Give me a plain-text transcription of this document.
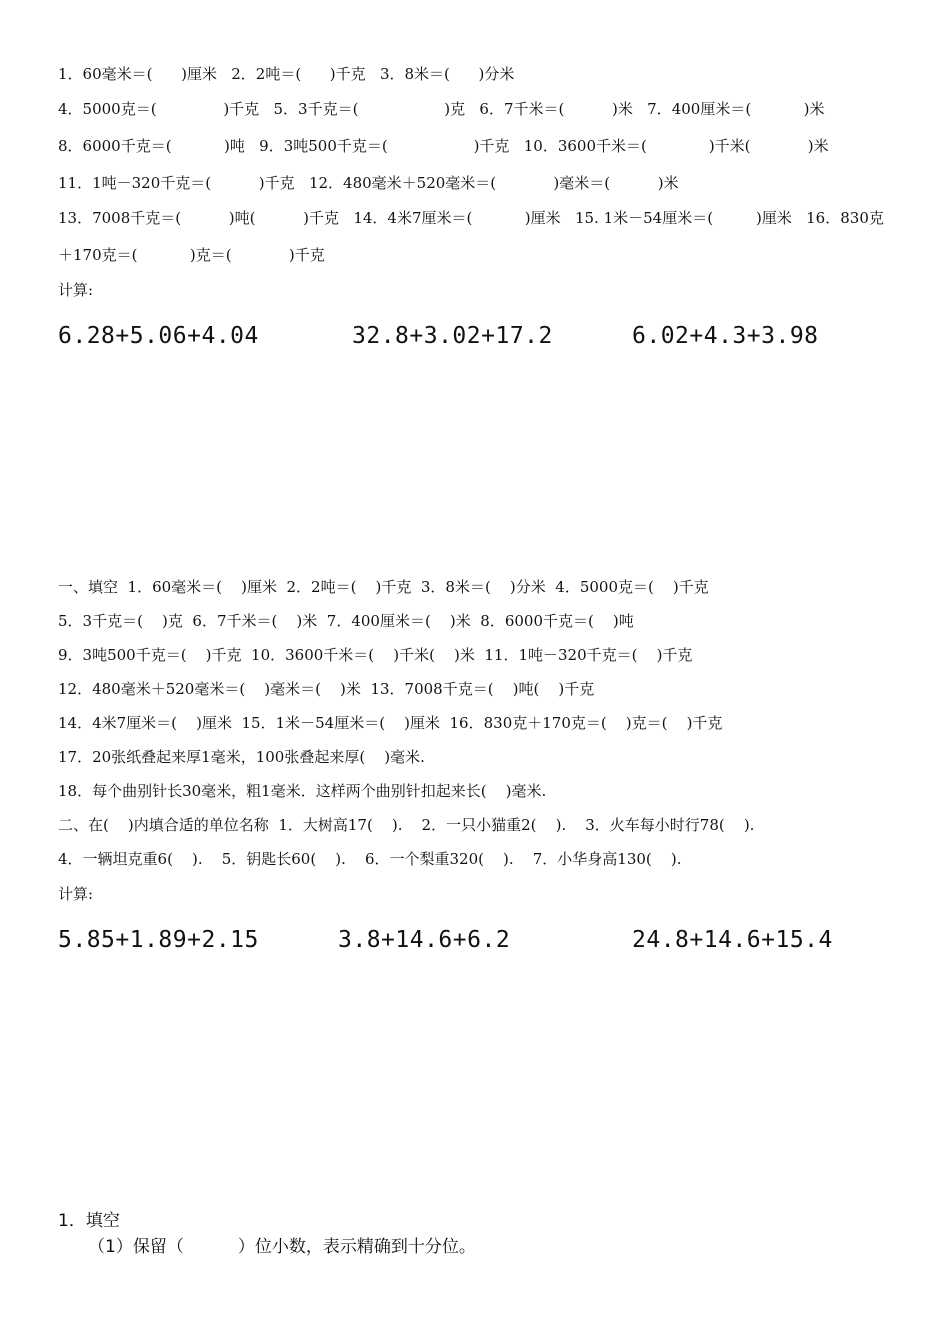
1．60毫米＝(      )厘米   2．2吨＝(      )千克   3．8米＝(      )分米
4．5000克＝(              )千克   5．3千克＝(                  )克   6．7千米＝(          )米   7．400厘米＝(           )米
8．6000千克＝(           )吨   9．3吨500千克＝(                  )千克   10．3600千米＝(             )千米(            )米
11．1吨－320千克＝(          )千克   12．480毫米＋520毫米＝(            )毫米＝(          )米
13．7008千克＝(          )吨(          )千克   14．4米7厘米＝(           )厘米   15. 1米－54厘米＝(         )厘米   16．830克
＋170克＝(           )克＝(            )千克
计算:
6.28+5.06+4.04	32.8+3.02+17.2	6.02+4.3+3.98
一、填空  1．60毫米＝(    )厘米  2．2吨＝(    )千克  3．8米＝(    )分米  4．5000克＝(    )千克
5．3千克＝(    )克  6．7千米＝(    )米  7．400厘米＝(    )米  8．6000千克＝(    )吨
9．3吨500千克＝(    )千克  10．3600千米＝(    )千米(    )米  11．1吨－320千克＝(    )千克
12．480毫米＋520毫米＝(    )毫米＝(    )米  13．7008千克＝(    )吨(    )千克
14．4米7厘米＝(    )厘米  15．1米－54厘米＝(    )厘米  16．830克＋170克＝(    )克＝(    )千克
17．20张纸叠起来厚1毫米，100张叠起来厚(    )毫米.
18．每个曲别针长30毫米，粗1毫米．这样两个曲别针扣起来长(    )毫米.
二、在(    )内填合适的单位名称  1．大树高17(    ).    2．一只小猫重2(    ).    3．火车每小时行78(    ).
4．一辆坦克重6(    ).    5．钥匙长60(    ).    6．一个梨重320(    ).    7．小华身高130(    ).
计算:
5.85+1.89+2.15	3.8+14.6+6.2	24.8+14.6+15.4
1．填空
（1）保留（          ）位小数，表示精确到十分位。
